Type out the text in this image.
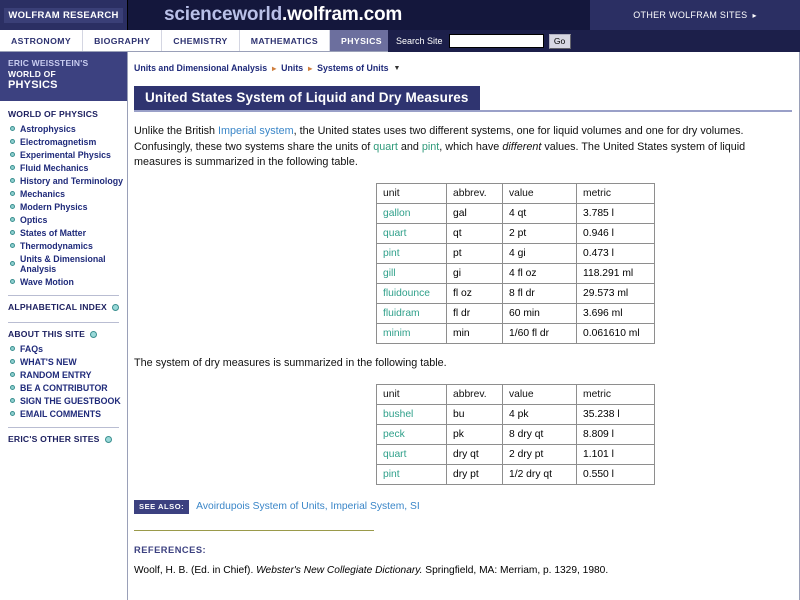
WOLFRAM RESEARCH scienceworld.wolfram.com	OTHER WOLFRAM SITES ▸
ASTRONOMY	BIOGRAPHY	CHEMISTRY	MATHEMATICS	PHYSICS	Search Site	Go
ERIC WEISSTEIN'S
WORLD OF
PHYSICS
WORLD OF PHYSICS
Astrophysics
Electromagnetism
Experimental Physics
Fluid Mechanics
History and Terminology
Mechanics
Modern Physics
Optics
States of Matter
Thermodynamics
Units & Dimensional Analysis
Wave Motion
ALPHABETICAL INDEX
ABOUT THIS SITE
FAQs
WHAT'S NEW
RANDOM ENTRY
BE A CONTRIBUTOR
SIGN THE GUESTBOOK
EMAIL COMMENTS
ERIC'S OTHER SITES
Units and Dimensional Analysis ▸ Units ▸ Systems of Units ▼
United States System of Liquid and Dry Measures

Unlike the British Imperial system, the United states uses two different systems, one for liquid volumes and one for dry volumes. Confusingly, these two systems share the units of quart and pint, which have different values. The United States system of liquid measures is summarized in the following table.

unit	abbrev.	value	metric
gallon	gal	4 qt	3.785 l
quart	qt	2 pt	0.946 l
pint	pt	4 gi	0.473 l
gill	gi	4 fl oz	118.291 ml
fluidounce	fl oz	8 fl dr	29.573 ml
fluidram	fl dr	60 min	3.696 ml
minim	min	1/60 fl dr	0.061610 ml

The system of dry measures is summarized in the following table.

unit	abbrev.	value	metric
bushel	bu	4 pk	35.238 l
peck	pk	8 dry qt	8.809 l
quart	dry qt	2 dry pt	1.101 l
pint	dry pt	1/2 dry qt	0.550 l
SEE ALSO:	Avoirdupois System of Units, Imperial System, SI
REFERENCES:
Woolf, H. B. (Ed. in Chief). Webster's New Collegiate Dictionary. Springfield, MA: Merriam, p. 1329, 1980.
